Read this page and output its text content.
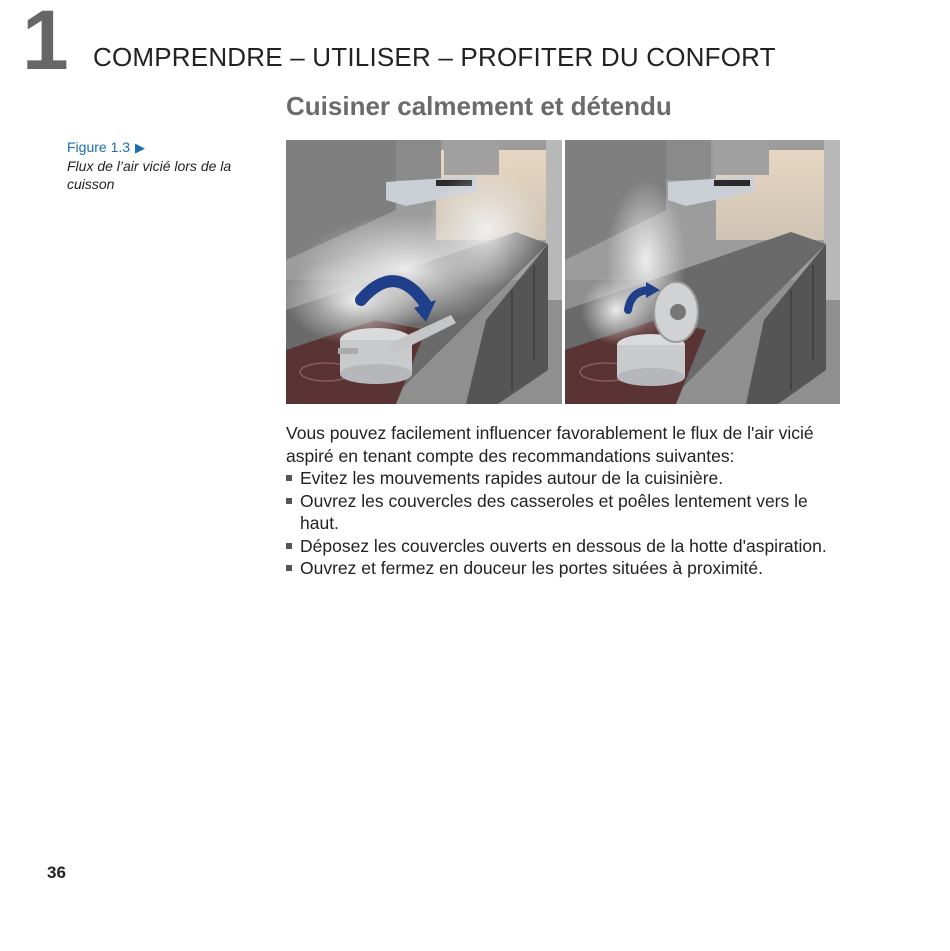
1 COMPRENDRE – UTILISER – PROFITER DU CONFORT
Cuisiner calmement et détendu
Figure 1.3 ▶
Flux de l’air vicié lors de la cuisson

Vous pouvez facilement influencer favorablement le flux de l'air vicié aspiré en tenant compte des recommandations suivantes:

Evitez les mouvements rapides autour de la cuisinière.
Ouvrez les couvercles des casseroles et poêles lentement vers le haut.
Déposez les couvercles ouverts en dessous de la hotte d'aspiration.
Ouvrez et fermez en douceur les portes situées à proximité.
36
